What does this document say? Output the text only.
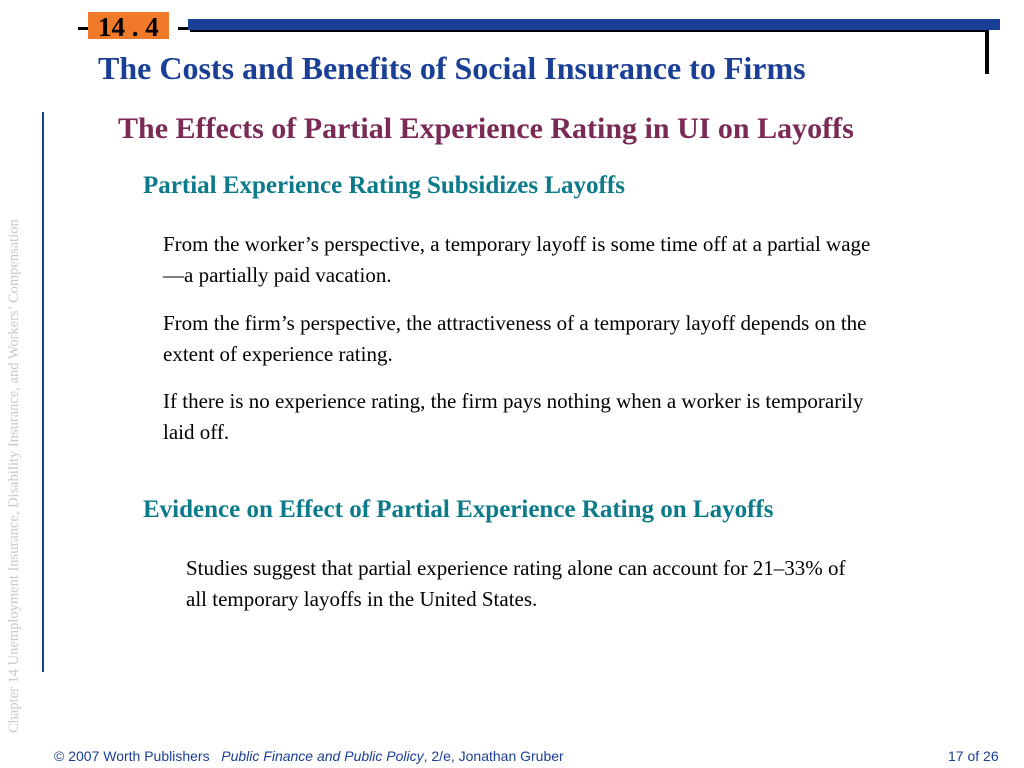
14 . 4
The Costs and Benefits of Social Insurance to Firms
The Effects of Partial Experience Rating in UI on Layoffs
Partial Experience Rating Subsidizes Layoffs
From the worker’s perspective, a temporary layoff is some time off at a partial wage—a partially paid vacation.
From the firm’s perspective, the attractiveness of a temporary layoff depends on the extent of experience rating.
If there is no experience rating, the firm pays nothing when a worker is temporarily laid off.
Evidence on Effect of Partial Experience Rating on Layoffs
Studies suggest that partial experience rating alone can account for 21–33% of all temporary layoffs in the United States.
Chapter 14 Unemployment Insurance, Disability Insurance, and Workers’ Compensation
© 2007 Worth Publishers Public Finance and Public Policy, 2/e, Jonathan Gruber	17 of 26
